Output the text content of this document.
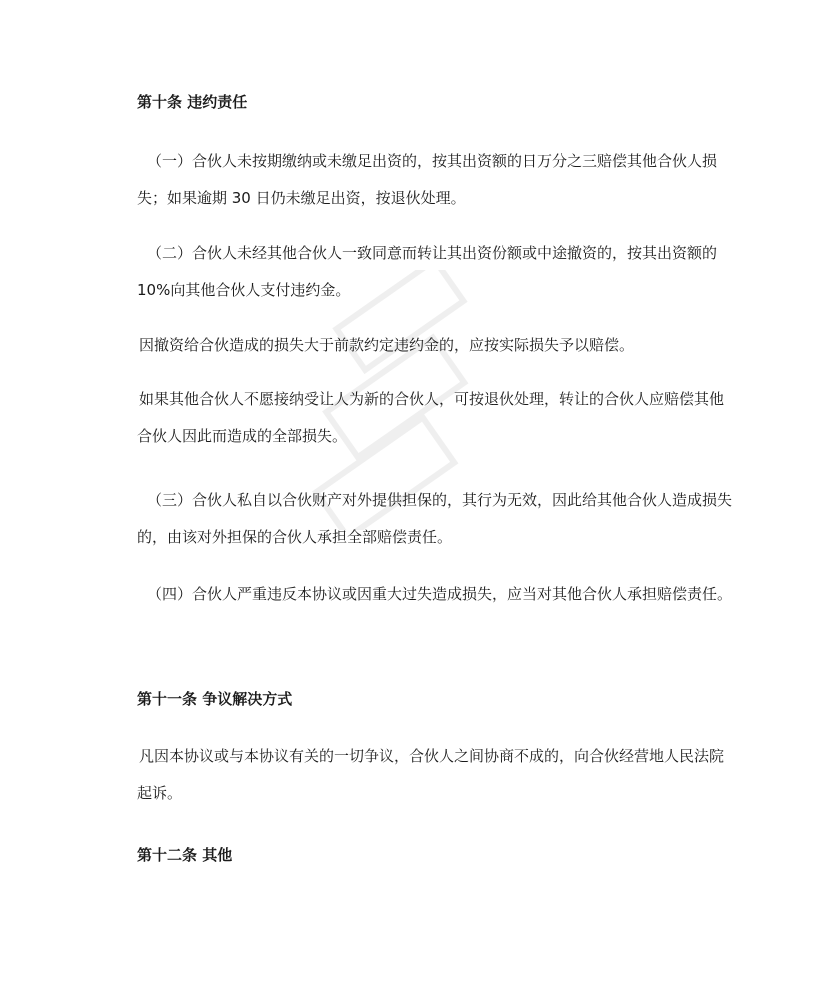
第十条 违约责任
（一）合伙人未按期缴纳或未缴足出资的，按其出资额的日万分之三赔偿其他合伙人损失；如果逾期 30 日仍未缴足出资，按退伙处理。
（二）合伙人未经其他合伙人一致同意而转让其出资份额或中途撤资的，按其出资额的 10%向其他合伙人支付违约金。
因撤资给合伙造成的损失大于前款约定违约金的，应按实际损失予以赔偿。
如果其他合伙人不愿接纳受让人为新的合伙人，可按退伙处理，转让的合伙人应赔偿其他合伙人因此而造成的全部损失。
（三）合伙人私自以合伙财产对外提供担保的，其行为无效，因此给其他合伙人造成损失的，由该对外担保的合伙人承担全部赔偿责任。
（四）合伙人严重违反本协议或因重大过失造成损失，应当对其他合伙人承担赔偿责任。
第十一条 争议解决方式
凡因本协议或与本协议有关的一切争议，合伙人之间协商不成的，向合伙经营地人民法院起诉。
第十二条 其他
